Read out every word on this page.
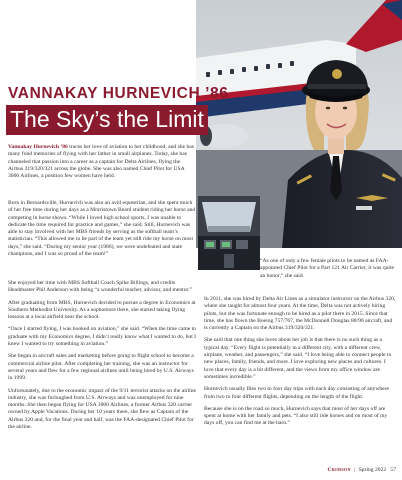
VANNAKAY HURNEVICH ’86
The Sky’s the Limit

Vannakay Hurnevich ’86 traces her love of aviation to her childhood, and she has many fond memories of flying with her father in small airplanes. Today, she has channeled that passion into a career as a captain for Delta Airlines, flying the Airbus 319/320/321 across the globe. She was also named Chief Pilot for USA 3000 Airlines, a position few women have held.

Born in Bernardsville, Hurnevich was also an avid equestrian, and she spent much of her free time during her days as a Morristown Beard student riding her horse and competing in horse shows. “While I loved high school sports, I was unable to dedicate the time required for practice and games,” she said. Still, Hurnevich was able to stay involved with her MBS friends by serving as the softball team’s statistician. “This allowed me to be part of the team yet still ride my horse on most days,” she said. “During my senior year (1986), we were undefeated and state champions, and I was so proud of the team!”

She enjoyed her time with MBS Softball Coach Spike Billings, and credits Headmaster Phil Anderson with being “a wonderful teacher, advisor, and mentor.”

After graduating from MBS, Hurnevich decided to pursue a degree in Economics at Southern Methodist University. As a sophomore there, she started taking flying lessons at a local airfield near the school.

“Once I started flying, I was hooked on aviation,” she said. “When the time came to graduate with my Economics degree, I didn’t really know what I wanted to do, but I knew I wanted to try something in aviation.”

She began in aircraft sales and marketing before going to flight school to become a commercial airline pilot. After completing her training, she was an instructor for several years and flew for a few regional airlines until being hired by U.S. Airways in 1999.

Unfortunately, due to the economic impact of the 9/11 terrorist attacks on the airline industry, she was furloughed from U.S. Airways and was unemployed for nine months. She then began flying for USA 3000 Airlines, a former Airbus 320 carrier owned by Apple Vacations. During her 10 years there, she flew as Captain of the Airbus 320 and, for the final year and half, was the FAA-designated Chief Pilot for the airline.

“As one of only a few female pilots to be named as FAA-appointed Chief Pilot for a Part 121 Air Carrier, it was quite an honor,” she said.

In 2011, she was hired by Delta Air Lines as a simulator instructor on the Airbus 320, where she taught for almost four years. At the time, Delta was not actively hiring pilots, but she was fortunate enough to be hired as a pilot there in 2015. Since that time, she has flown the Boeing 757/767, the McDonnell Douglas 88/90 aircraft, and is currently a Captain on the Airbus 319/320/321.

She said that one thing she loves about her job is that there is no such thing as a typical day. “Every flight is potentially in a different city, with a different crew, airplane, weather, and passengers,” she said. “I love being able to connect people to new places, family, friends, and more. I love exploring new places and cultures. I love that every day is a bit different, and the views from my office window are sometimes incredible.”

Hurnevich usually flies two to four day trips with each day consisting of anywhere from two to four different flights, depending on the length of the flight.

Because she is on the road so much, Hurnevich says that most of her days off are spent at home with her family and pets. “I also still ride horses and on most of my days off, you can find me at the barn.”

Crimson | Spring 2022 57
